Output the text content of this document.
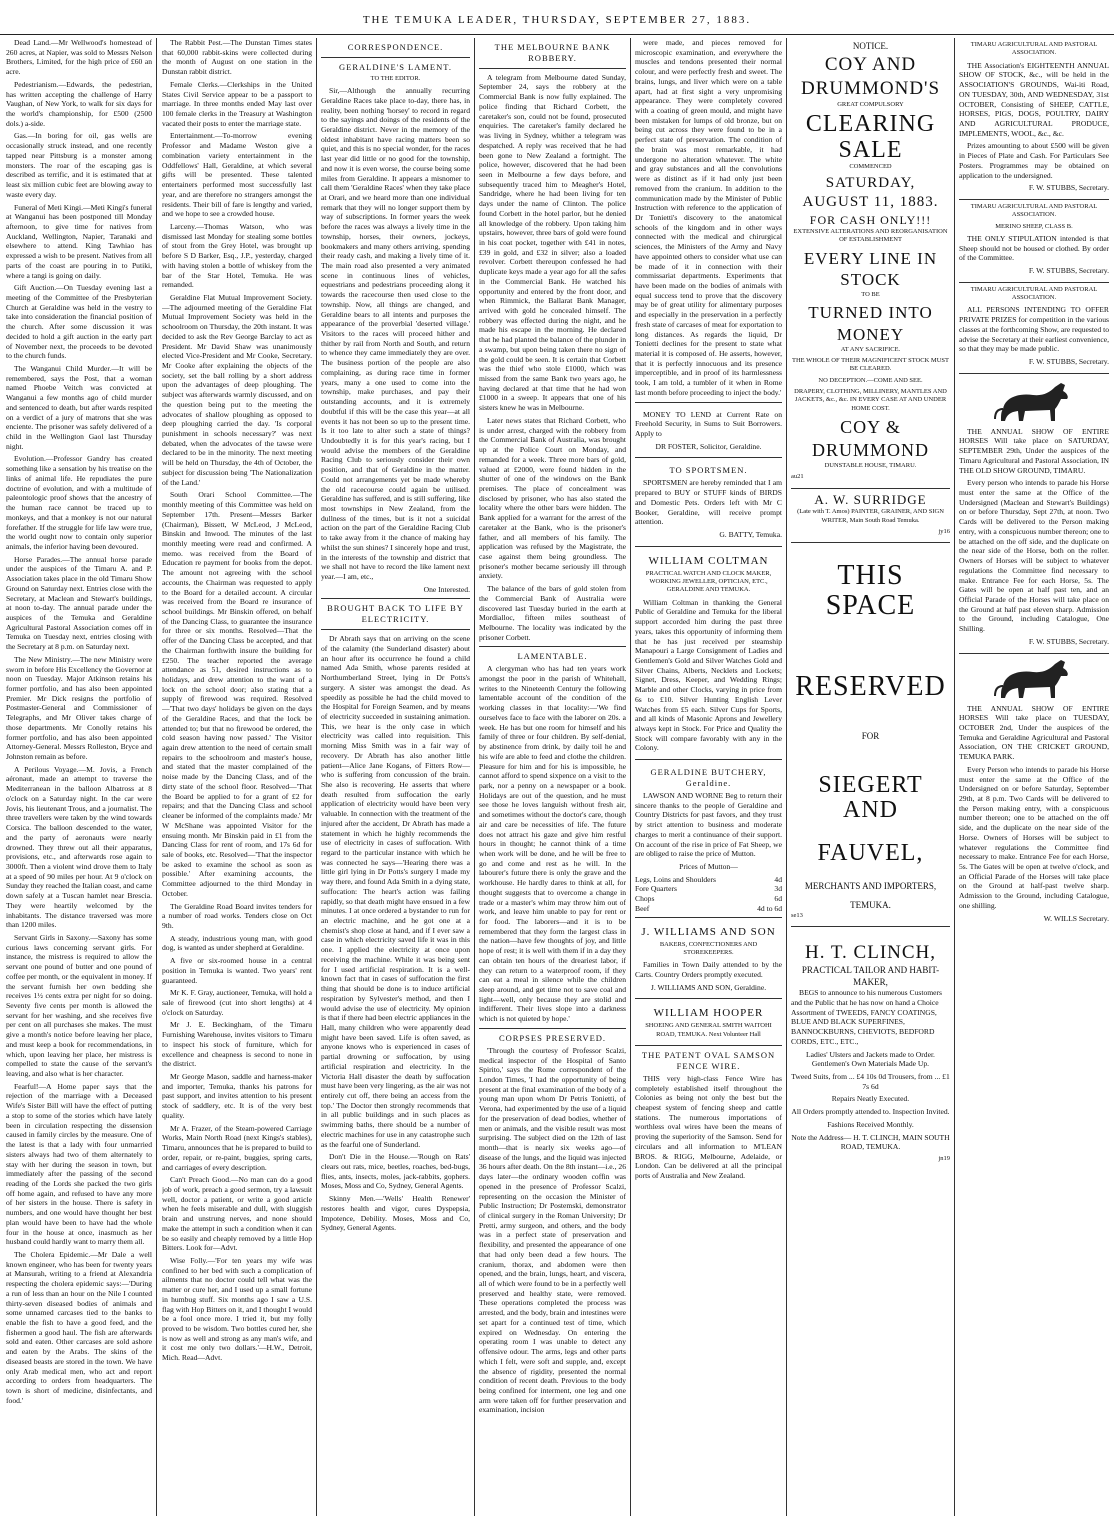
THE TEMUKA LEADER, THURSDAY, SEPTEMBER 27, 1883.

Dead Land.—Mr Wellwood's homestead of 260 acres, at Napier, was sold to Messrs Nelson Brothers, Limited, for the high price of £60 an acre.

Pedestrianism.—Edwards, the pedestrian, has written accepting the challenge of Harry Vaughan, of New York, to walk for six days for the world's championship, for £500 (2500 dols.) a-side.

Gas.—In boring for oil, gas wells are occasionally struck instead, and one recently tapped near Pittsburg is a monster among monsters. The roar of the escaping gas is described as terrific, and it is estimated that at least six million cubic feet are blowing away to waste every day.

Funeral of Meti Kingi.—Meti Kingi's funeral at Wanganui has been postponed till Monday afternoon, to give time for natives from Auckland, Wellington, Napier, Taranaki and elsewhere to attend. King Tawhiao has expressed a wish to be present. Natives from all parts of the coast are pouring in to Putiki, where a tangi is going on daily.

Gift Auction.—On Tuesday evening last a meeting of the Committee of the Presbyterian Church at Geraldine was held in the vestry to take into consideration the financial position of the church. After some discussion it was decided to hold a gift auction in the early part of November next, the proceeds to be devoted to the church funds.

The Wanganui Child Murder.—It will be remembered, says the Post, that a woman named Phoebe Veitch was convicted at Wanganui a few months ago of child murder and sentenced to death, but after wards respited on a verdict of a jury of matrons that she was enciente. The prisoner was safely delivered of a child in the Wellington Gaol last Thursday night.

Evolution.—Professor Gandry has created something like a sensation by his treatise on the links of animal life. He repudiates the pure doctrine of evolution, and with a multitude of paleontologic proof shows that the ancestry of the human race cannot be traced up to monkeys, and that a monkey is not our natural forefather. If the struggle for life law were true, the world ought now to contain only superior animals, the inferior having been devoured.

Horse Parades.—The annual horse parade under the auspices of the Timaru A. and P. Association takes place in the old Timaru Show Ground on Saturday next. Entries close with the Secretary, at Maclean and Stewart's buildings, at noon to-day. The annual parade under the auspices of the Temuka and Geraldine Agricultural Pastoral Association comes off in Temuka on Tuesday next, entries closing with the Secretary at 8 p.m. on Saturday next.

The New Ministry.—The new Ministry were sworn in before His Excellency the Governor at noon on Tuesday. Major Atkinson retains his former portfolio, and has also been appointed Premier. Mr Dick resigns the portfolio of Postmaster-General and Commissioner of Telegraphs, and Mr Oliver takes charge of those departments. Mr Conolly retains his former portfolio, and has also been appointed Attorney-General. Messrs Rolleston, Bryce and Johnston remain as before.

A Perilous Voyage.—M. Jovis, a French aéronaut, made an attempt to traverse the Mediterranean in the balloon Albatross at 8 o'clock on a Saturday night. In the car were Jovis, his lieutenant Trous, and a journalist. The three travellers were taken by the wind towards Corsica. The balloon descended to the water, and the party of aeronauts were nearly drowned. They threw out all their apparatus, provisions, etc., and afterwards rose again to 3000ft. Then a violent wind drove them to Italy at a speed of 90 miles per hour. At 9 o'clock on Sunday they reached the Italian coast, and came down safely at a Tuscan hamlet near Brescia. They were heartily welcomed by the inhabitants. The distance traversed was more than 1200 miles.

Servant Girls in Saxony.—Saxony has some curious laws concerning servant girls. For instance, the mistress is required to allow the servant one pound of butter and one pound of coffee per month, or the equivalent in money. If the servant furnish her own bedding she receives 1½ cents extra per night for so doing. Seventy five cents per month is allowed the servant for her washing, and she receives five per cent on all purchases she makes. The must give a month's notice before leaving her place, and must keep a book for recommendations, in which, upon leaving her place, her mistress is compelled to state the cause of the servant's leaving, and also what is her character.

Fearful!—A Home paper says that the rejection of the marriage with a Deceased Wife's Sister Bill will have the effect of putting a stop to some of the stories which have lately been in circulation respecting the dissension caused in family circles by the measure. One of the latest is that a lady with four unmarried sisters always had two of them alternately to stay with her during the season in town, but immediately after the passing of the second reading of the Lords she packed the two girls off home again, and refused to have any more of her sisters in the house. There is safety in numbers, and one would have thought her best plan would have been to have had the whole four in the house at once, inasmuch as her husband could hardly want to marry them all.

The Cholera Epidemic.—Mr Dale a well known engineer, who has been for twenty years at Mansurah, writing to a friend at Alexandria respecting the cholera epidemic says:—'During a run of less than an hour on the Nile I counted thirty-seven diseased bodies of animals and some unnamed carcases tied to the banks to enable the fish to have a good feed, and the fishermen a good haul. The fish are afterwards sold and eaten. Other carcases are sold ashore and eaten by the Arabs. The skins of the diseased beasts are stored in the town. We have only Arab medical men, who act and report according to orders from headquarters. The town is short of medicine, disinfectants, and food.'

The Rabbit Pest.—The Dunstan Times states that 60,000 rabbit-skins were collected during the month of August on one station in the Dunstan rabbit district.

Female Clerks.—Clerkships in the United States Civil Service appear to be a passport to marriage. In three months ended May last over 100 female clerks in the Treasury at Washington vacated their posts to enter the marriage state.

Entertainment.—To-morrow evening Professor and Madame Weston give a combination variety entertainment in the Oddfellows' Hall, Geraldine, at which several gifts will be presented. These talented entertainers performed most successfully last year, and are therefore no strangers amongst the residents. Their bill of fare is lengthy and varied, and we hope to see a crowded house.

Larceny.—Thomas Watson, who was dismissed last Monday for stealing some bottles of stout from the Grey Hotel, was brought up before S D Barker, Esq., J.P., yesterday, charged with having stolen a bottle of whiskey from the bar of the Star Hotel, Temuka. He was remanded.

Geraldine Flat Mutual Improvement Society.—The adjourned meeting of the Geraldine Flat Mutual Improvement Society was held in the schoolroom on Thursday, the 20th instant. It was decided to ask the Rev George Barclay to act as President. Mr David Shaw was unanimously elected Vice-President and Mr Cooke, Secretary. Mr Cooke after explaining the objects of the society, set the ball rolling by a short address upon the advantages of deep ploughing. The subject was afterwards warmly discussed, and on the question being put to the meeting the advocates of shallow ploughing as opposed to deep ploughing carried the day. 'Is corporal punishment in schools necessary?' was next debated, when the advocates of the tawse were declared to be in the minority. The next meeting will be held on Thursday, the 4th of October, the subject for discussion being 'The Nationalization of the Land.'

South Orari School Committee.—The monthly meeting of this Committee was held on September 17th. Present—Messrs Barker (Chairman), Bissett, W McLeod, J McLeod, Binskin and Inwood. The minutes of the last monthly meeting were read and confirmed. A memo. was received from the Board of Education re payment for books from the depot. The amount not agreeing with the school accounts, the Chairman was requested to apply to the Board for a detailed account. A circular was received from the Board re insurance of school buildings. Mr Binskin offered, on behalf of the Dancing Class, to guarantee the insurance for three or six months. Resolved—That the offer of the Dancing Class be accepted, and that the Chairman forthwith insure the building for £250. The teacher reported the average attendance as 51, desired instructions as to holidays, and drew attention to the want of a lock on the school door; also stating that a supply of firewood was required. Resolved—'That two days' holidays be given on the days of the Geraldine Races, and that the lock be attended to; but that no firewood be ordered, the cold season having now passed.' The Visitor again drew attention to the need of certain small repairs to the schoolroom and master's house, and stated that the master complained of the noise made by the Dancing Class, and of the dirty state of the school floor. Resolved—'That the Board be applied to for a grant of £2 for repairs; and that the Dancing Class and school cleaner be informed of the complaints made.' Mr W McShane was appointed Visitor for the ensuing month. Mr Binskin paid in £1 from the Dancing Class for rent of room, and 17s 6d for sale of books, etc. Resolved—'That the inspector be asked to examine the school as soon as possible.' After examining accounts, the Committee adjourned to the third Monday in October.

The Geraldine Road Board invites tenders for a number of road works. Tenders close on Oct 9th.

A steady, industrious young man, with good dog, is wanted as under shepherd at Geraldine.

A five or six-roomed house in a central position in Temuka is wanted. Two years' rent guaranteed.

Mr K. F. Gray, auctioneer, Temuka, will hold a sale of firewood (cut into short lengths) at 4 o'clock on Saturday.

Mr J. E. Beckingham, of the Timaru Furnishing Warehouse, invites visitors to Timaru to inspect his stock of furniture, which for excellence and cheapness is second to none in the district.

Mr George Mason, saddle and harness-maker and importer, Temuka, thanks his patrons for past support, and invites attention to his present stock of saddlery, etc. It is of the very best quality.

Mr A. Frazer, of the Steam-powered Carriage Works, Main North Road (next Kings's stables), Timaru, announces that he is prepared to build to order, repair, or re-paint, buggies, spring carts, and carriages of every description.

Can't Preach Good.—No man can do a good job of work, preach a good sermon, try a lawsuit well, doctor a patient, or write a good article when he feels miserable and dull, with sluggish brain and unstrung nerves, and none should make the attempt in such a condition when it can be so easily and cheaply removed by a little Hop Bitters. Look for—Advt.

Wise Folly.—'For ten years my wife was confined to her bed with such a complication of ailments that no doctor could tell what was the matter or cure her, and I used up a small fortune in humbug stuff. Six months ago I saw a U.S. flag with Hop Bitters on it, and I thought I would be a fool once more. I tried it, but my folly proved to be wisdom. Two bottles cured her, she is now as well and strong as any man's wife, and it cost me only two dollars.'—H.W., Detroit, Mich. Read—Advt.

CORRESPONDENCE.
GERALDINE'S LAMENT.
TO THE EDITOR.

Sir,—Although the annually recurring Geraldine Races take place to-day, there has, in reality, been nothing 'horsey' to record in regard to the sayings and doings of the residents of the Geraldine district. Never in the memory of the oldest inhabitant have racing matters been so quiet, and this is no special wonder, for the races last year did little or no good for the township, and now it is even worse, the course being some miles from Geraldine. It appears a misnomer to call them 'Geraldine Races' when they take place at Orari, and we heard more than one individual remark that they will no longer support them by way of subscriptions. In former years the week before the races was always a lively time in the township, horses, their owners, jockeys, bookmakers and many others arriving, spending their ready cash, and making a lively time of it. The main road also presented a very animated scene in continuous lines of vehicles, equestrians and pedestrians proceeding along it towards the racecourse then used close to the township. Now, all things are changed, and Geraldine bears to all intents and purposes the appearance of the proverbial 'deserted village.' Visitors to the races will proceed hither and thither by rail from North and South, and return to whence they came immediately they are over. The business portion of the people are also complaining, as during race time in former years, many a one used to come into the township, make purchases, and pay their outstanding accounts, and it is extremely doubtful if this will be the case this year—at all events it has not been so up to the present time. Is it too late to alter such a state of things? Undoubtedly it is for this year's racing, but I would advise the members of the Geraldine Racing Club to seriously consider their own position, and that of Geraldine in the matter. Could not arrangements yet be made whereby the old racecourse could again be utilised. Geraldine has suffered, and is still suffering, like most townships in New Zealand, from the dullness of the times, but is it not a suicidal action on the part of the Geraldine Racing Club to take away from it the chance of making hay whilst the sun shines? I sincerely hope and trust, in the interests of the township and district that we shall not have to record the like lament next year.—I am, etc.,

One Interested.

BROUGHT BACK TO LIFE BY ELECTRICITY.

Dr Abrath says that on arriving on the scene of the calamity (the Sunderland disaster) about an hour after its occurrence he found a child named Ada Smith, whose parents resided at Northumberland Street, lying in Dr Potts's surgery. A sister was amongst the dead. As speedily as possible he had the child moved to the Hospital for Foreign Seamen, and by means of electricity succeeded in sustaining animation. This, we hear is the only case in which electricity was called into requisition. This morning Miss Smith was in a fair way of recovery. Dr Abrath has also another little patient—Alice Jane Kogans, of Fitters Row—who is suffering from concussion of the brain. She also is recovering. He asserts that where death resulted from suffocation the early application of electricity would have been very valuable. In connection with the treatment of the injured after the accident, Dr Abrath has made a statement in which he highly recommends the use of electricity in cases of suffocation. With regard to the particular instance with which he was connected he says—'Hearing there was a little girl lying in Dr Potts's surgery I made my way there, and found Ada Smith in a dying state, suffocation: The heart's action was failing rapidly, so that death might have ensued in a few minutes. I at once ordered a bystander to run for an electric machine, and he got one at a chemist's shop close at hand, and if I ever saw a case in which electricity saved life it was in this one. I applied the electricity at once upon receiving the machine. While it was being sent for I used artificial respiration. It is a well-known fact that in cases of suffocation the first thing that should be done is to induce artificial respiration by Sylvester's method, and then I would advise the use of electricity. My opinion is that if there had been electric appliances in the Hall, many children who were apparently dead might have been saved. Life is often saved, as anyone knows who is experienced in cases of partial drowning or suffocation, by using artificial respiration and electricity. In the Victoria Hall disaster the death by suffocation must have been very lingering, as the air was not entirely cut off, there being an access from the top.' The Doctor then strongly recommends that in all public buildings and in such places as swimming baths, there should be a number of electric machines for use in any catastrophe such as the fearful one of Sunderland.

Don't Die in the House.—'Rough on Rats' clears out rats, mice, beetles, roaches, bed-bugs, flies, ants, insects, moles, jack-rabbits, gophers. Moses, Moss and Co, Sydney, General Agents.

Skinny Men.—'Wells' Health Renewer' restores health and vigor, cures Dyspepsia, Impotence, Debility. Moses, Moss and Co, Sydney, General Agents.

THE MELBOURNE BANK ROBBERY.

A telegram from Melbourne dated Sunday, September 24, says the robbery at the Commercial Bank is now fully explained. The police finding that Richard Corbett, the caretaker's son, could not be found, prosecuted enquiries. The caretaker's family declared he was living in Sydney, whither a telegram was despatched. A reply was received that he had been gone to New Zealand a fortnight. The police, however, discovered that he had been seen in Melbourne a few days before, and subsequently traced him to Meagher's Hotel, Sandridge, where he had been living for ten days under the name of Clinton. The police found Corbett in the hotel parlor, but he denied all knowledge of the robbery. Upon taking him upstairs, however, three bars of gold were found in his coat pocket, together with £41 in notes, £39 in gold, and £32 in silver; also a loaded revolver. Corbett thereupon confessed he had duplicate keys made a year ago for all the safes in the Commercial Bank. He watched his opportunity and entered by the front door, and when Rimmick, the Ballarat Bank Manager, arrived with gold he concealed himself. The robbery was effected during the night, and he made his escape in the morning. He declared that he had planted the balance of the plunder in a swamp, but upon being taken there no sign of the gold could be seen. It is certain that Corbett was the thief who stole £1000, which was missed from the same Bank two years ago, he having declared at that time that he had won £1000 in a sweep. It appears that one of his sisters knew he was in Melbourne.

Later news states that Richard Corbett, who is under arrest, charged with the robbery from the Commercial Bank of Australia, was brought up at the Police Court on Monday, and remanded for a week. Three more bars of gold, valued at £2000, were found hidden in the shutter of one of the windows on the Bank premises. The place of concealment was disclosed by prisoner, who has also stated the locality where the other bars were hidden. The Bank applied for a warrant for the arrest of the caretaker at the Bank, who is the prisoner's father, and all members of his family. The application was refused by the Magistrate, the case against them being groundless. The prisoner's mother became seriously ill through anxiety.

The balance of the bars of gold stolen from the Commercial Bank of Australia were discovered last Tuesday buried in the earth at Mordialloc, fifteen miles southeast of Melbourne. The locality was indicated by the prisoner Corbett.

LAMENTABLE.

A clergyman who has had ten years work amongst the poor in the parish of Whitehall, writes to the Nineteenth Century the following lamentable account of the condition of the working classes in that locality:—'We find ourselves face to face with the laborer on 20s. a week. He has but one room for himself and his family of three or four children. By self-denial, by abstinence from drink, by daily toil he and his wife are able to feed and clothe the children. Pleasure for him and for his is impossible, he cannot afford to spend sixpence on a visit to the park, nor a penny on a newspaper or a book. Holidays are out of the question, and he must see those he loves languish without fresh air, and sometimes without the doctor's care, though air and care be necessities of life. The future does not attract his gaze and give him restful hours in thought; he cannot think of a time when work will be done, and he will be free to go and come and rest as he will. In the labourer's future there is only the grave and the workhouse. He hardly dares to think at all, for thought suggests that to overcome a change in trade or a master's whim may throw him out of work, and leave him unable to pay for rent or for food. The laborers—and it is to be remembered that they form the largest class in the nation—have few thoughts of joy, and little hope of rest; it is well with them if in a day they can obtain ten hours of the dreariest labor, if they can return to a waterproof room, if they can eat a meal in silence while the children sleep around, and get time not to save coal and light—well, only because they are stolid and indifferent. Their lives slope into a darkness which is not quieted by hope.'

CORPSES PRESERVED.

'Through the courtesy of Professor Scalzi, medical inspector of the Hospital of Santo Spirito,' says the Rome correspondent of the London Times, 'I had the opportunity of being present at the final examination of the body of a young man upon whom Dr Petris Tonietti, of Verona, had experimented by the use of a liquid for the preservation of dead bodies, whether of men or animals, and the visible result was most surprising. The subject died on the 12th of last month—that is nearly six weeks ago—of disease of the lungs, and the liquid was injected 36 hours after death. On the 8th instant—i.e., 26 days later—the ordinary wooden coffin was opened in the presence of Professor Scalzi, representing on the occasion the Minister of Public Instruction; Dr Postemski, demonstrator of clinical surgery in the Roman University; Dr Pretti, army surgeon, and others, and the body was in a perfect state of preservation and flexibility, and presented the appearance of one that had only been dead a few hours. The cranium, thorax, and abdomen were then opened, and the brain, lungs, heart, and viscera, all of which were found to be in a perfectly well preserved and healthy state, were removed. These operations completed the process was arrested, and the body, brain and intestines were set apart for a continued test of time, which expired on Wednesday. On entering the operating room I was unable to detect any offensive odour. The arms, legs and other parts which I felt, were soft and supple, and, except the absence of rigidity, presented the normal condition of recent death. Previous to the body being confined for interment, one leg and one arm were taken off for further preservation and examination, incision

were made, and pieces removed for microscopic examination, and everywhere the muscles and tendons presented their normal colour, and were perfectly fresh and sweet. The brains, lungs, and liver which were on a table apart, had at first sight a very unpromising appearance. They were completely covered with a coating of green mould, and might have been mistaken for lumps of old bronze, but on being cut across they were found to be in a perfect state of preservation. The condition of the brain was most remarkable, it had undergone no alteration whatever. The white and gray substances and all the convolutions were as distinct as if it had only just been removed from the cranium. In addition to the communication made by the Minister of Public Instruction with reference to the application of Dr Tonietti's discovery to the anatomical schools of the kingdom and in other ways connected with the medical and chirurgical sciences, the Ministers of the Army and Navy have appointed others to consider what use can be made of it in connection with their commissariat departments. Experiments that have been made on the bodies of animals with equal success tend to prove that the discovery may be of great utility for alimentary purposes and especially in the preservation in a perfectly fresh state of carcases of meat for exportation to long distances. As regards the liquid, Dr Tonietti declines for the present to state what material it is composed of. He asserts, however, that it is perfectly innocuous and its presence imperceptible, and in proof of its harmlessness took, I am told, a tumbler of it when in Rome last month before proceeding to inject the body.'

MONEY TO LEND at Current Rate on Freehold Security, in Sums to Suit Borrowers. Apply to

DR FOSTER, Solicitor, Geraldine.

TO SPORTSMEN.

SPORTSMEN are hereby reminded that I am prepared to BUY or STUFF kinds of BIRDS and Domestic Pets. Orders left with Mr C Booker, Geraldine, will receive prompt attention.

G. BATTY, Temuka.

WILLIAM COLTMAN
PRACTICAL WATCH AND CLOCK MAKER, WORKING JEWELLER, OPTICIAN, ETC., GERALDINE AND TEMUKA.

William Coltman in thanking the General Public of Geraldine and Temuka for the liberal support accorded him during the past three years, takes this opportunity of informing them that he has just received per steamship Manapouri a Large Consignment of Ladies and Gentlemen's Gold and Silver Watches Gold and Silver Chains, Alberts, Necklets and Lockets; Signet, Dress, Keeper, and Wedding Rings; Marble and other Clocks, varying in price from 6s to £10. Silver Hunting English Lever Watches from £5 each. Silver Cups for Sports, and all kinds of Masonic Aprons and Jewellery always kept in Stock. For Price and Quality the Stock will compare favorably with any in the Colony.

GERALDINE BUTCHERY, Geraldine.

LAWSON AND WORNE Beg to return their sincere thanks to the people of Geraldine and Country Districts for past favors, and they trust by strict attention to business and moderate charges to merit a continuance of their support. On account of the rise in price of Fat Sheep, we are obliged to raise the price of Mutton.

Prices of Mutton—

Legs, Loins and Shoulders	4d
Fore Quarters	3d
Chops	6d
Beef	4d to 6d
J. WILLIAMS AND SON
BAKERS, CONFECTIONERS AND STOREKEEPERS.

Families in Town Daily attended to by the Carts. Country Orders promptly executed.

J. WILLIAMS AND SON, Geraldine.

WILLIAM HOOPER
SHOEING AND GENERAL SMITH WAITOHI ROAD, TEMUKA. Next Volunteer Hall
THE PATENT OVAL SAMSON FENCE WIRE.

THIS very high-class Fence Wire has completely established itself throughout the Colonies as being not only the best but the cheapest system of fencing sheep and cattle stations. The numerous importations of worthless oval wires have been the means of proving the superiority of the Samson. Send for circulars and all information to M'LEAN BROS. & RIGG, Melbourne, Adelaide, or London. Can be delivered at all the principal ports of Australia and New Zealand.

NOTICE.
COY AND DRUMMOND'S
GREAT COMPULSORY
CLEARING SALE
COMMENCED
SATURDAY, AUGUST 11, 1883.
FOR CASH ONLY!!!
EXTENSIVE ALTERATIONS AND REORGANISATION OF ESTABLISHMENT
EVERY LINE IN STOCK
TO BE
TURNED INTO MONEY
AT ANY SACRIFICE.
THE WHOLE OF THEIR MAGNIFICENT STOCK MUST BE CLEARED.
NO DECEPTION.—COME AND SEE.
DRAPERY, CLOTHING, MILLINERY, MANTLES AND JACKETS, &c., &c. IN EVERY CASE AT AND UNDER HOME COST.
COY & DRUMMOND
DUNSTABLE HOUSE, TIMARU.
au21
A. W. SURRIDGE
(Late with T. Amos) PAINTER, GRAINER, AND SIGN WRITER, Main South Road Temuka.
jy16
THIS SPACE
RESERVED
FOR
SIEGERT AND
FAUVEL,
MERCHANTS AND IMPORTERS,
TEMUKA.
se13
H. T. CLINCH,
PRACTICAL TAILOR AND HABIT-MAKER,

BEGS to announce to his numerous Customers and the Public that he has now on hand a Choice Assortment of TWEEDS, FANCY COATINGS, BLUE AND BLACK SUPERFINES, BANNOCKBURNS, CHEVIOTS, BEDFORD CORDS, ETC., ETC.,

Ladies' Ulsters and Jackets made to Order. Gentlemen's Own Materials Made Up.

Tweed Suits, from ... £4 10s 0d Trousers, from ... £1 7s 6d

Repairs Neatly Executed.

All Orders promptly attended to. Inspection Invited.

Fashions Received Monthly.

Note the Address— H. T. CLINCH, MAIN SOUTH ROAD, TEMUKA.

jn19
TIMARU AGRICULTURAL AND PASTORAL ASSOCIATION.

THE Association's EIGHTEENTH ANNUAL SHOW OF STOCK, &c., will be held in the ASSOCIATION'S GROUNDS, Wai-iti Road, ON TUESDAY, 30th, AND WEDNESDAY, 31st OCTOBER, Consisting of SHEEP, CATTLE, HORSES, PIGS, DOGS, POULTRY, DAIRY AND AGRICULTURAL PRODUCE, IMPLEMENTS, WOOL, &c., &c.

Prizes amounting to about £500 will be given in Pieces of Plate and Cash. For Particulars See Posters. Programmes may be obtained on application to the undersigned.

F. W. STUBBS, Secretary.

TIMARU AGRICULTURAL AND PASTORAL ASSOCIATION.
MERINO SHEEP, CLASS B.

THE ONLY STIPULATION intended is that Sheep should not be housed or clothed. By order of the Committee.

F. W. STUBBS, Secretary.

TIMARU AGRICULTURAL AND PASTORAL ASSOCIATION.

ALL PERSONS INTENDING TO OFFER PRIVATE PRIZES for competition in the various classes at the forthcoming Show, are requested to advise the Secretary at their earliest convenience, so that they may be made public.

F. W. STUBBS, Secretary.

THE ANNUAL SHOW OF ENTIRE HORSES Will take place on SATURDAY, SEPTEMBER 29th, Under the auspices of the Timaru Agricultural and Pastoral Association, IN THE OLD SHOW GROUND, TIMARU.

Every person who intends to parade his Horse must enter the same at the Office of the Undersigned (Maclean and Stewart's Buildings) on or before Thursday, Sept 27th, at noon. Two Cards will be delivered to the Person making entry, with a conspicuous number thereon; one to be attached on the off side, and the duplicate on the near side of the Horse, both on the roller. Owners of Horses will be subject to whatever regulations the Committee find necessary to make. Entrance Fee for each Horse, 5s. The Gates will be open at half past ten, and an Official Parade of the Horses will take place on the Ground at half past eleven sharp. Admission to the Ground, including Catalogue, One Shilling.

F. W. STUBBS, Secretary.

THE ANNUAL SHOW OF ENTIRE HORSES Will take place on TUESDAY, OCTOBER 2nd, Under the auspices of the Temuka and Geraldine Agricultural and Pastoral Association, ON THE CRICKET GROUND, TEMUKA PARK.

Every Person who intends to parade his Horse must enter the same at the Office of the Undersigned on or before Saturday, September 29th, at 8 p.m. Two Cards will be delivered to the Person making entry, with a conspicuous number thereon; one to be attached on the off side, and the duplicate on the near side of the Horse. Owners of Horses will be subject to whatever regulations the Committee find necessary to make. Entrance Fee for each Horse, 5s. The Gates will be open at twelve o'clock, and an Official Parade of the Horses will take place on the Ground at half-past twelve sharp. Admission to the Ground, including Catalogue, one shilling.

W. WILLS Secretary.
